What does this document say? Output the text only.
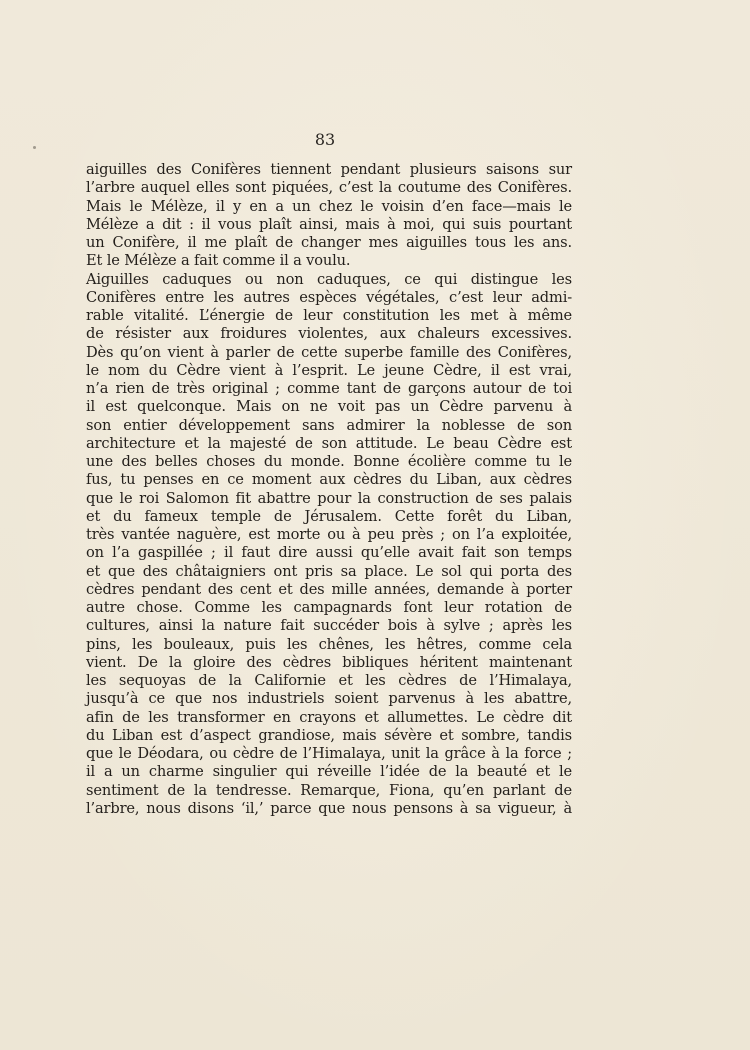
83
aiguilles des Conifères tiennent pendant plusieurs saisons sur
l’arbre auquel elles sont piquées, c’est la coutume des Conifères.
Mais le Mélèze, il y en a un chez le voisin d’en face—mais le
Mélèze a dit : il vous plaît ainsi, mais à moi, qui suis pourtant
un Conifère, il me plaît de changer mes aiguilles tous les ans.
Et le Mélèze a fait comme il a voulu.
Aiguilles caduques ou non caduques, ce qui distingue les
Conifères entre les autres espèces végétales, c’est leur admi-
rable vitalité. L’énergie de leur constitution les met à même
de résister aux froidures violentes, aux chaleurs excessives.
Dès qu’on vient à parler de cette superbe famille des Conifères,
le nom du Cèdre vient à l’esprit. Le jeune Cèdre, il est vrai,
n’a rien de très original ; comme tant de garçons autour de toi
il est quelconque. Mais on ne voit pas un Cèdre parvenu à
son entier développement sans admirer la noblesse de son
architecture et la majesté de son attitude. Le beau Cèdre est
une des belles choses du monde. Bonne écolière comme tu le
fus, tu penses en ce moment aux cèdres du Liban, aux cèdres
que le roi Salomon fit abattre pour la construction de ses palais
et du fameux temple de Jérusalem. Cette forêt du Liban,
très vantée naguère, est morte ou à peu près ; on l’a exploitée,
on l’a gaspillée ; il faut dire aussi qu’elle avait fait son temps
et que des châtaigniers ont pris sa place. Le sol qui porta des
cèdres pendant des cent et des mille années, demande à porter
autre chose. Comme les campagnards font leur rotation de
cultures, ainsi la nature fait succéder bois à sylve ; après les
pins, les bouleaux, puis les chênes, les hêtres, comme cela
vient. De la gloire des cèdres bibliques héritent maintenant
les sequoyas de la Californie et les cèdres de l’Himalaya,
jusqu’à ce que nos industriels soient parvenus à les abattre,
afin de les transformer en crayons et allumettes. Le cèdre dit
du Liban est d’aspect grandiose, mais sévère et sombre, tandis
que le Déodara, ou cèdre de l’Himalaya, unit la grâce à la force ;
il a un charme singulier qui réveille l’idée de la beauté et le
sentiment de la tendresse. Remarque, Fiona, qu’en parlant de
l’arbre, nous disons ‘il,’ parce que nous pensons à sa vigueur, à
